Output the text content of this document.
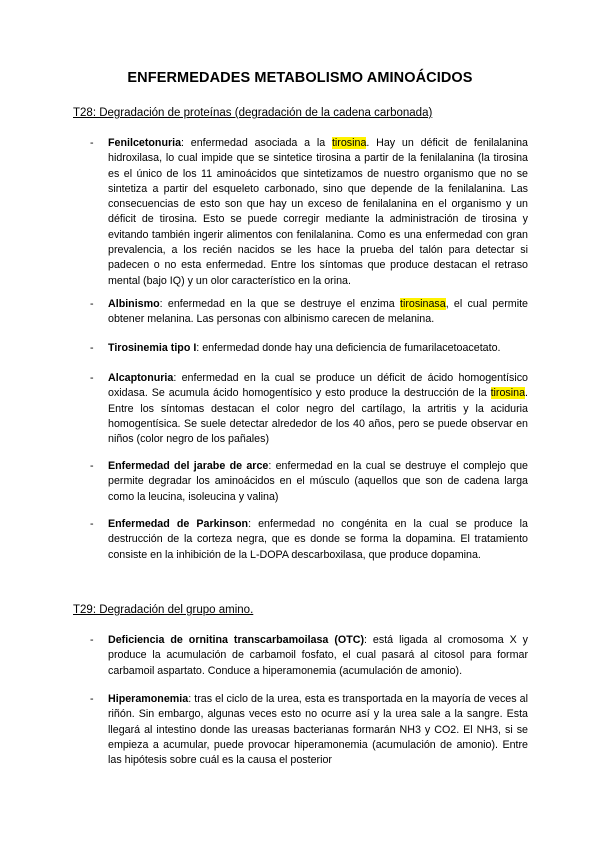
ENFERMEDADES METABOLISMO AMINOÁCIDOS
T28: Degradación de proteínas (degradación de la cadena carbonada)
- Fenilcetonuria: enfermedad asociada a la tirosina. Hay un déficit de fenilalanina hidroxilasa, lo cual impide que se sintetice tirosina a partir de la fenilalanina (la tirosina es el único de los 11 aminoácidos que sintetizamos de nuestro organismo que no se sintetiza a partir del esqueleto carbonado, sino que depende de la fenilalanina. Las consecuencias de esto son que hay un exceso de fenilalanina en el organismo y un déficit de tirosina. Esto se puede corregir mediante la administración de tirosina y evitando también ingerir alimentos con fenilalanina. Como es una enfermedad con gran prevalencia, a los recién nacidos se les hace la prueba del talón para detectar si padecen o no esta enfermedad. Entre los síntomas que produce destacan el retraso mental (bajo IQ) y un olor característico en la orina.
- Albinismo: enfermedad en la que se destruye el enzima tirosinasa, el cual permite obtener melanina. Las personas con albinismo carecen de melanina.
- Tirosinemia tipo I: enfermedad donde hay una deficiencia de fumarilacetoacetato.
- Alcaptonuria: enfermedad en la cual se produce un déficit de ácido homogentísico oxidasa. Se acumula ácido homogentísico y esto produce la destrucción de la tirosina. Entre los síntomas destacan el color negro del cartílago, la artritis y la aciduria homogentísica. Se suele detectar alrededor de los 40 años, pero se puede observar en niños (color negro de los pañales)
- Enfermedad del jarabe de arce: enfermedad en la cual se destruye el complejo que permite degradar los aminoácidos en el músculo (aquellos que son de cadena larga como la leucina, isoleucina y valina)
- Enfermedad de Parkinson: enfermedad no congénita en la cual se produce la destrucción de la corteza negra, que es donde se forma la dopamina. El tratamiento consiste en la inhibición de la L-DOPA descarboxilasa, que produce dopamina.
T29: Degradación del grupo amino.
- Deficiencia de ornitina transcarbamoilasa (OTC): está ligada al cromosoma X y produce la acumulación de carbamoil fosfato, el cual pasará al citosol para formar carbamoil aspartato. Conduce a hiperamonemia (acumulación de amonio).
- Hiperamonemia: tras el ciclo de la urea, esta es transportada en la mayoría de veces al riñón. Sin embargo, algunas veces esto no ocurre así y la urea sale a la sangre. Esta llegará al intestino donde las ureasas bacterianas formarán NH3 y CO2. El NH3, si se empieza a acumular, puede provocar hiperamonemia (acumulación de amonio). Entre las hipótesis sobre cuál es la causa el posterior
